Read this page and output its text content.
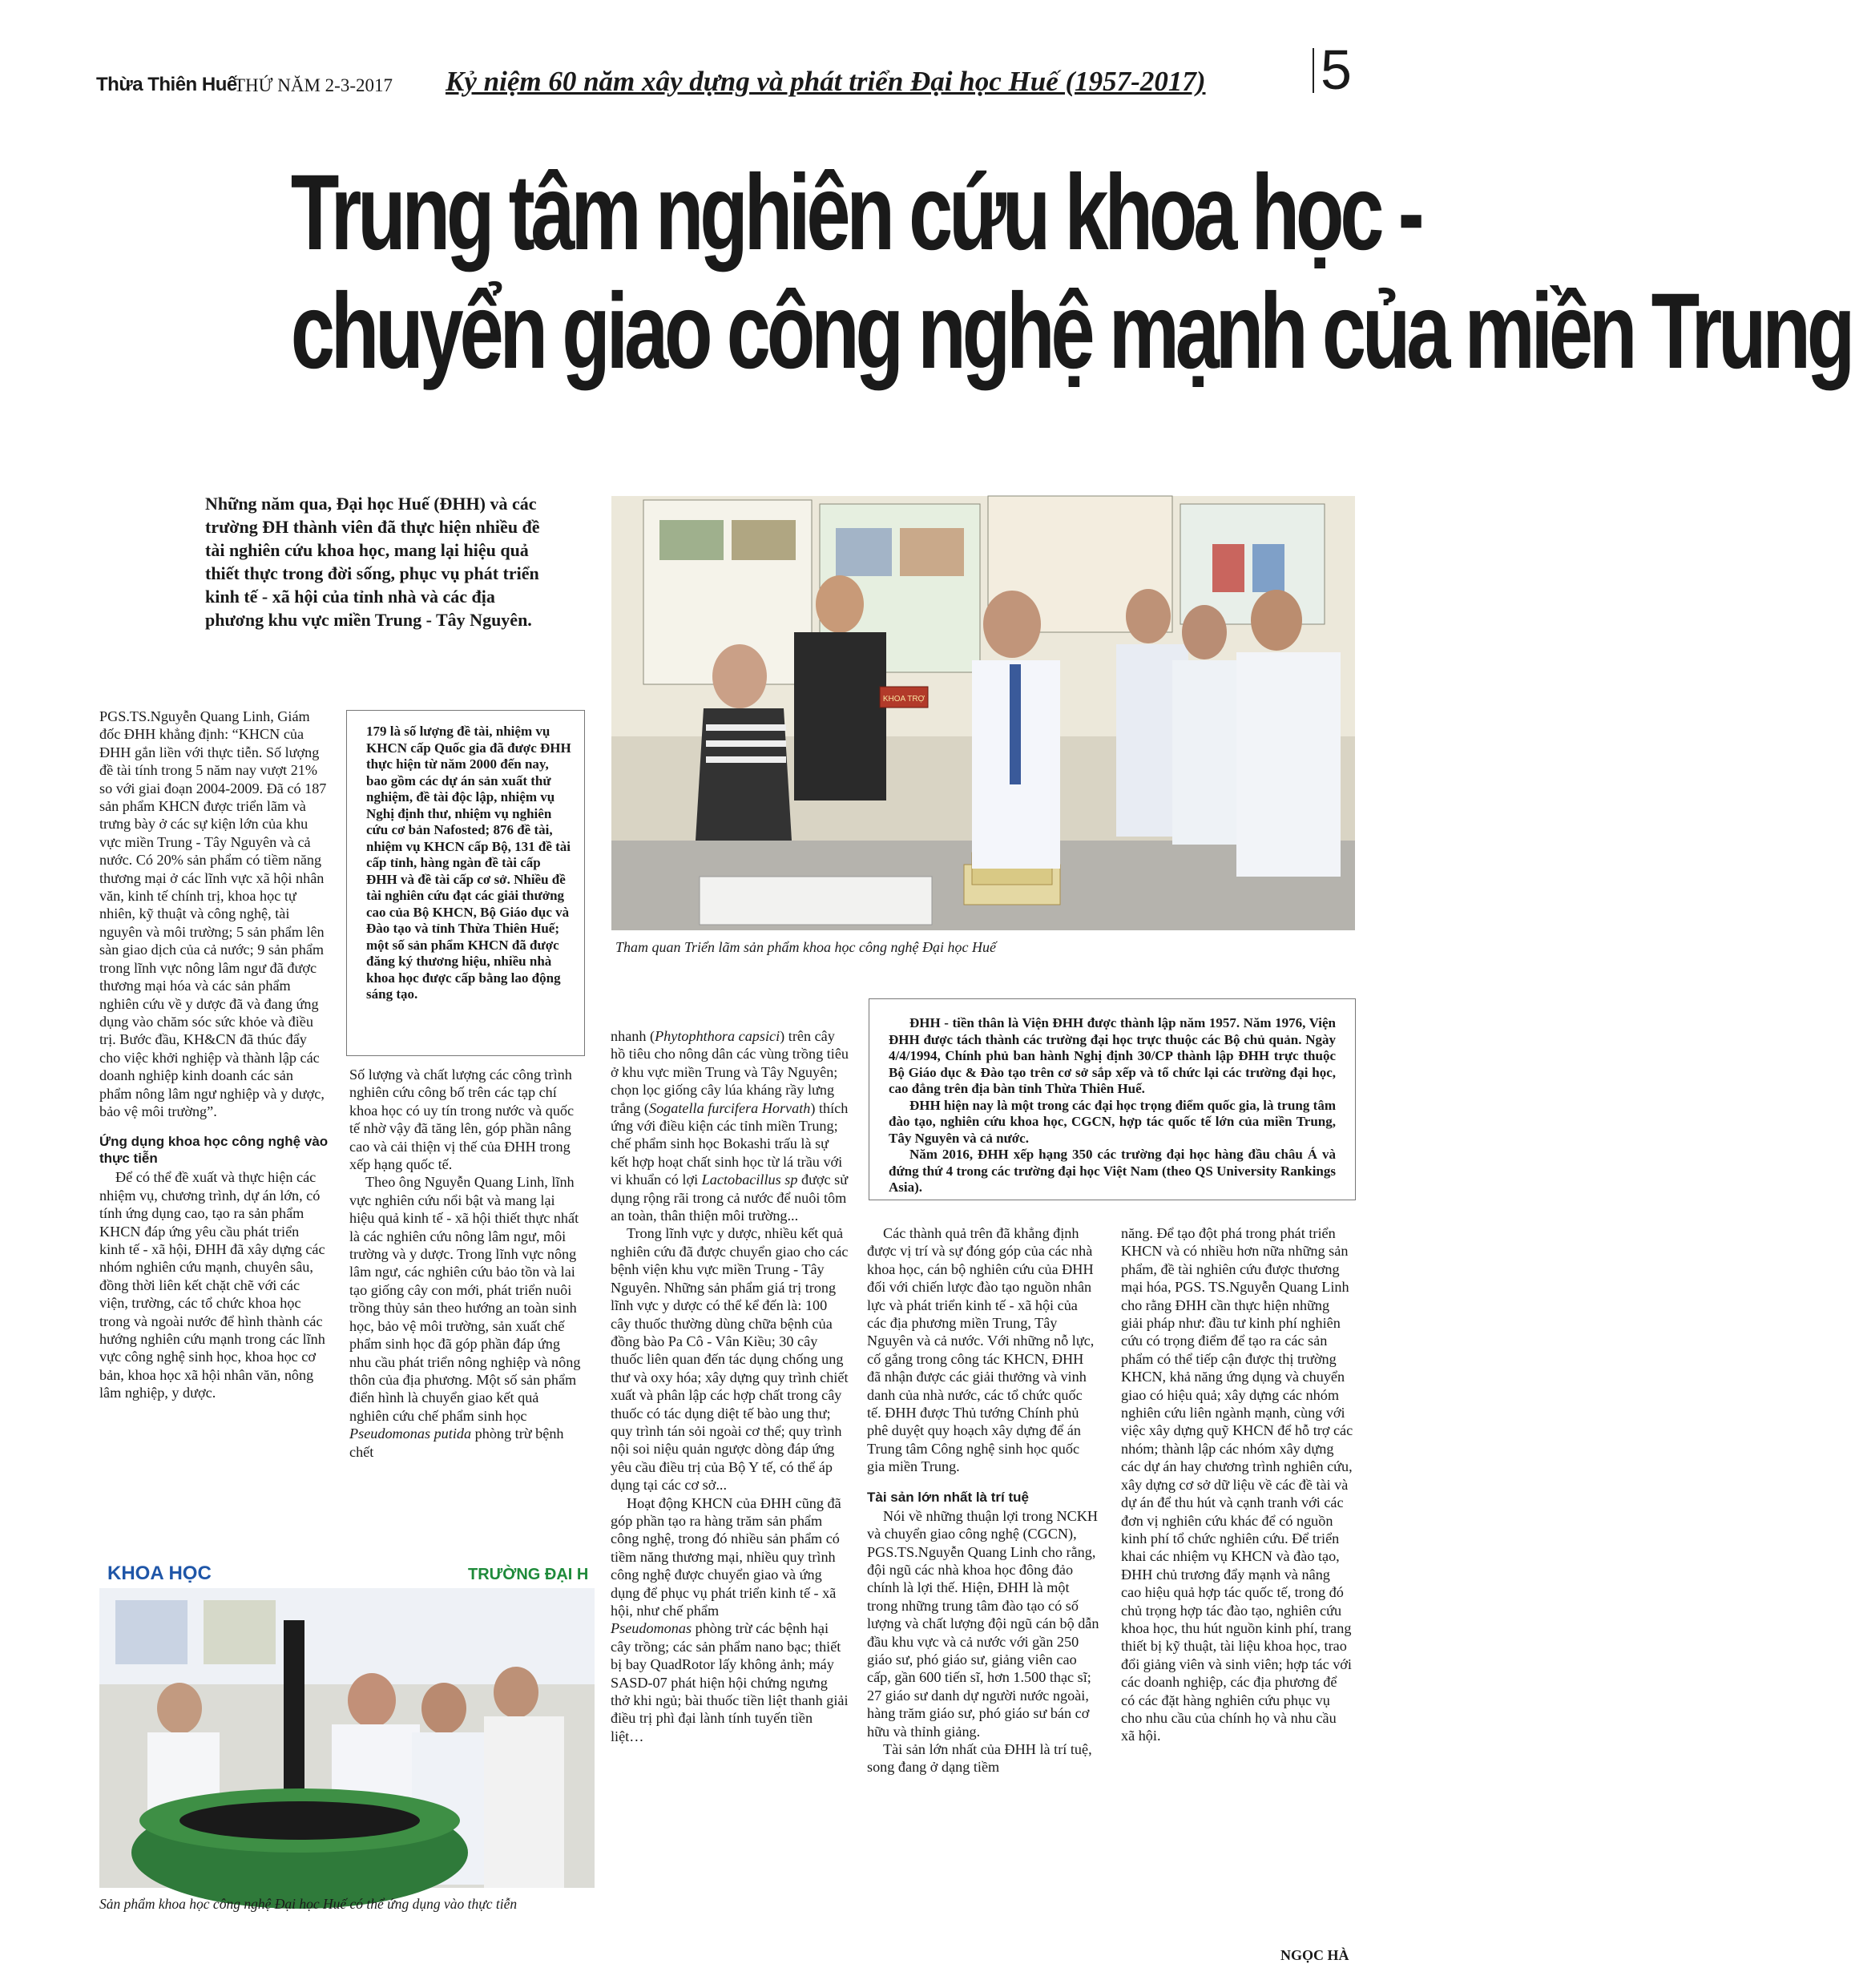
Thừa Thiên Huế
THỨ NĂM 2-3-2017 Kỷ niệm 60 năm xây dựng và phát triển Đại học Huế (1957-2017) 5
Trung tâm nghiên cứu khoa học -
chuyển giao công nghệ mạnh của miền Trung
Những năm qua, Đại học Huế (ĐHH) và các trường ĐH thành viên đã thực hiện nhiều đề tài nghiên cứu khoa học, mang lại hiệu quả thiết thực trong đời sống, phục vụ phát triển kinh tế - xã hội của tỉnh nhà và các địa phương khu vực miền Trung - Tây Nguyên.
KHOA TRỢ
Tham quan Triển lãm sản phẩm khoa học công nghệ Đại học Huế

PGS.TS.Nguyễn Quang Linh, Giám đốc ĐHH khẳng định: “KHCN của ĐHH gắn liền với thực tiễn. Số lượng đề tài tính trong 5 năm nay vượt 21% so với giai đoạn 2004-2009. Đã có 187 sản phẩm KHCN được triển lãm và trưng bày ở các sự kiện lớn của khu vực miền Trung - Tây Nguyên và cả nước. Có 20% sản phẩm có tiềm năng thương mại ở các lĩnh vực xã hội nhân văn, kinh tế chính trị, khoa học tự nhiên, kỹ thuật và công nghệ, tài nguyên và môi trường; 5 sản phẩm lên sàn giao dịch của cả nước; 9 sản phẩm trong lĩnh vực nông lâm ngư đã được thương mại hóa và các sản phẩm nghiên cứu về y dược đã và đang ứng dụng vào chăm sóc sức khỏe và điều trị. Bước đầu, KH&CN đã thúc đẩy cho việc khởi nghiệp và thành lập các doanh nghiệp kinh doanh các sản phẩm nông lâm ngư nghiệp và y dược, bảo vệ môi trường”.

Ứng dụng khoa học công nghệ vào thực tiễn

Để có thể đề xuất và thực hiện các nhiệm vụ, chương trình, dự án lớn, có tính ứng dụng cao, tạo ra sản phẩm KHCN đáp ứng yêu cầu phát triển kinh tế - xã hội, ĐHH đã xây dựng các nhóm nghiên cứu mạnh, chuyên sâu, đồng thời liên kết chặt chẽ với các viện, trường, các tổ chức khoa học trong và ngoài nước để hình thành các hướng nghiên cứu mạnh trong các lĩnh vực công nghệ sinh học, khoa học cơ bản, khoa học xã hội nhân văn, nông lâm nghiệp, y dược.

179 là số lượng đề tài, nhiệm vụ KHCN cấp Quốc gia đã được ĐHH thực hiện từ năm 2000 đến nay, bao gồm các dự án sản xuất thử nghiệm, đề tài độc lập, nhiệm vụ Nghị định thư, nhiệm vụ nghiên cứu cơ bản Nafosted; 876 đề tài, nhiệm vụ KHCN cấp Bộ, 131 đề tài cấp tỉnh, hàng ngàn đề tài cấp ĐHH và đề tài cấp cơ sở. Nhiều đề tài nghiên cứu đạt các giải thưởng cao của Bộ KHCN, Bộ Giáo dục và Đào tạo và tỉnh Thừa Thiên Huế; một số sản phẩm KHCN đã được đăng ký thương hiệu, nhiều nhà khoa học được cấp bằng lao động sáng tạo.

Số lượng và chất lượng các công trình nghiên cứu công bố trên các tạp chí khoa học có uy tín trong nước và quốc tế nhờ vậy đã tăng lên, góp phần nâng cao và cải thiện vị thế của ĐHH trong xếp hạng quốc tế.

Theo ông Nguyễn Quang Linh, lĩnh vực nghiên cứu nổi bật và mang lại hiệu quả kinh tế - xã hội thiết thực nhất là các nghiên cứu nông lâm ngư, môi trường và y dược. Trong lĩnh vực nông lâm ngư, các nghiên cứu bảo tồn và lai tạo giống cây con mới, phát triển nuôi trồng thủy sản theo hướng an toàn sinh học, bảo vệ môi trường, sản xuất chế phẩm sinh học đã góp phần đáp ứng nhu cầu phát triển nông nghiệp và nông thôn của địa phương. Một số sản phẩm điển hình là chuyển giao kết quả nghiên cứu chế phẩm sinh học Pseudomonas putida phòng trừ bệnh chết

nhanh (Phytophthora capsici) trên cây hồ tiêu cho nông dân các vùng trồng tiêu ở khu vực miền Trung và Tây Nguyên; chọn lọc giống cây lúa kháng rầy lưng trắng (Sogatella furcifera Horvath) thích ứng với điều kiện các tỉnh miền Trung; chế phẩm sinh học Bokashi trấu là sự kết hợp hoạt chất sinh học từ lá trầu với vi khuẩn có lợi Lactobacillus sp được sử dụng rộng rãi trong cả nước để nuôi tôm an toàn, thân thiện môi trường...

Trong lĩnh vực y dược, nhiều kết quả nghiên cứu đã được chuyển giao cho các bệnh viện khu vực miền Trung - Tây Nguyên. Những sản phẩm giá trị trong lĩnh vực y dược có thể kể đến là: 100 cây thuốc thường dùng chữa bệnh của đồng bào Pa Cô - Vân Kiều; 30 cây thuốc liên quan đến tác dụng chống ung thư và oxy hóa; xây dựng quy trình chiết xuất và phân lập các hợp chất trong cây thuốc có tác dụng diệt tế bào ung thư; quy trình tán sỏi ngoài cơ thể; quy trình nội soi niệu quản ngược dòng đáp ứng yêu cầu điều trị của Bộ Y tế, có thể áp dụng tại các cơ sở...

Hoạt động KHCN của ĐHH cũng đã góp phần tạo ra hàng trăm sản phẩm công nghệ, trong đó nhiều sản phẩm có tiềm năng thương mại, nhiều quy trình công nghệ được chuyển giao và ứng dụng để phục vụ phát triển kinh tế - xã hội, như chế phẩm
Pseudomonas phòng trừ các bệnh hại cây trồng; các sản phẩm nano bạc; thiết bị bay QuadRotor lấy không ảnh; máy SASD-07 phát hiện hội chứng ngưng thở khi ngủ; bài thuốc tiền liệt thanh giải điều trị phì đại lành tính tuyến tiền liệt…

ĐHH - tiền thân là Viện ĐHH được thành lập năm 1957. Năm 1976, Viện ĐHH được tách thành các trường đại học trực thuộc các Bộ chủ quản. Ngày 4/4/1994, Chính phủ ban hành Nghị định 30/CP thành lập ĐHH trực thuộc Bộ Giáo dục & Đào tạo trên cơ sở sắp xếp và tổ chức lại các trường đại học, cao đẳng trên địa bàn tỉnh Thừa Thiên Huế.
ĐHH hiện nay là một trong các đại học trọng điểm quốc gia, là trung tâm đào tạo, nghiên cứu khoa học, CGCN, hợp tác quốc tế lớn của miền Trung, Tây Nguyên và cả nước.
Năm 2016, ĐHH xếp hạng 350 các trường đại học hàng đầu châu Á và đứng thứ 4 trong các trường đại học Việt Nam (theo QS University Rankings Asia).

Các thành quả trên đã khẳng định được vị trí và sự đóng góp của các nhà khoa học, cán bộ nghiên cứu của ĐHH đối với chiến lược đào tạo nguồn nhân lực và phát triển kinh tế - xã hội của các địa phương miền Trung, Tây Nguyên và cả nước. Với những nỗ lực, cố gắng trong công tác KHCN, ĐHH đã nhận được các giải thưởng và vinh danh của nhà nước, các tổ chức quốc tế. ĐHH được Thủ tướng Chính phủ phê duyệt quy hoạch xây dựng để án Trung tâm Công nghệ sinh học quốc gia miền Trung.

Tài sản lớn nhất là trí tuệ

Nói về những thuận lợi trong NCKH và chuyển giao công nghệ (CGCN), PGS.TS.Nguyễn Quang Linh cho rằng, đội ngũ các nhà khoa học đông đảo chính là lợi thế. Hiện, ĐHH là một trong những trung tâm đào tạo có số lượng và chất lượng đội ngũ cán bộ dẫn đầu khu vực và cả nước với gần 250 giáo sư, phó giáo sư, giảng viên cao cấp, gần 600 tiến sĩ, hơn 1.500 thạc sĩ; 27 giáo sư danh dự người nước ngoài, hàng trăm giáo sư, phó giáo sư bán cơ hữu và thỉnh giảng.

Tài sản lớn nhất của ĐHH là trí tuệ, song đang ở dạng tiềm

năng. Để tạo đột phá trong phát triển KHCN và có nhiều hơn nữa những sản phẩm, đề tài nghiên cứu được thương mại hóa, PGS. TS.Nguyễn Quang Linh cho rằng ĐHH cần thực hiện những giải pháp như: đầu tư kinh phí nghiên cứu có trọng điểm để tạo ra các sản phẩm có thể tiếp cận được thị trường KHCN, khả năng ứng dụng và chuyển giao có hiệu quả; xây dựng các nhóm nghiên cứu liên ngành mạnh, cùng với việc xây dựng quỹ KHCN để hỗ trợ các nhóm; thành lập các nhóm xây dựng các dự án hay chương trình nghiên cứu, xây dựng cơ sở dữ liệu về các đề tài và dự án để thu hút và cạnh tranh với các đơn vị nghiên cứu khác để có nguồn kinh phí tổ chức nghiên cứu. Để triển khai các nhiệm vụ KHCN và đào tạo, ĐHH chủ trương đẩy mạnh và nâng cao hiệu quả hợp tác quốc tế, trong đó chủ trọng hợp tác đào tạo, nghiên cứu khoa học, thu hút nguồn kinh phí, trang thiết bị kỹ thuật, tài liệu khoa học, trao đổi giảng viên và sinh viên; hợp tác với các doanh nghiệp, các địa phương để có các đặt hàng nghiên cứu phục vụ cho nhu cầu của chính họ và nhu cầu xã hội.

NGỌC HÀ
KHOA HỌC	TRƯỜNG ĐẠI H
Sản phẩm khoa học công nghệ Đại học Huế có thể ứng dụng vào thực tiễn
